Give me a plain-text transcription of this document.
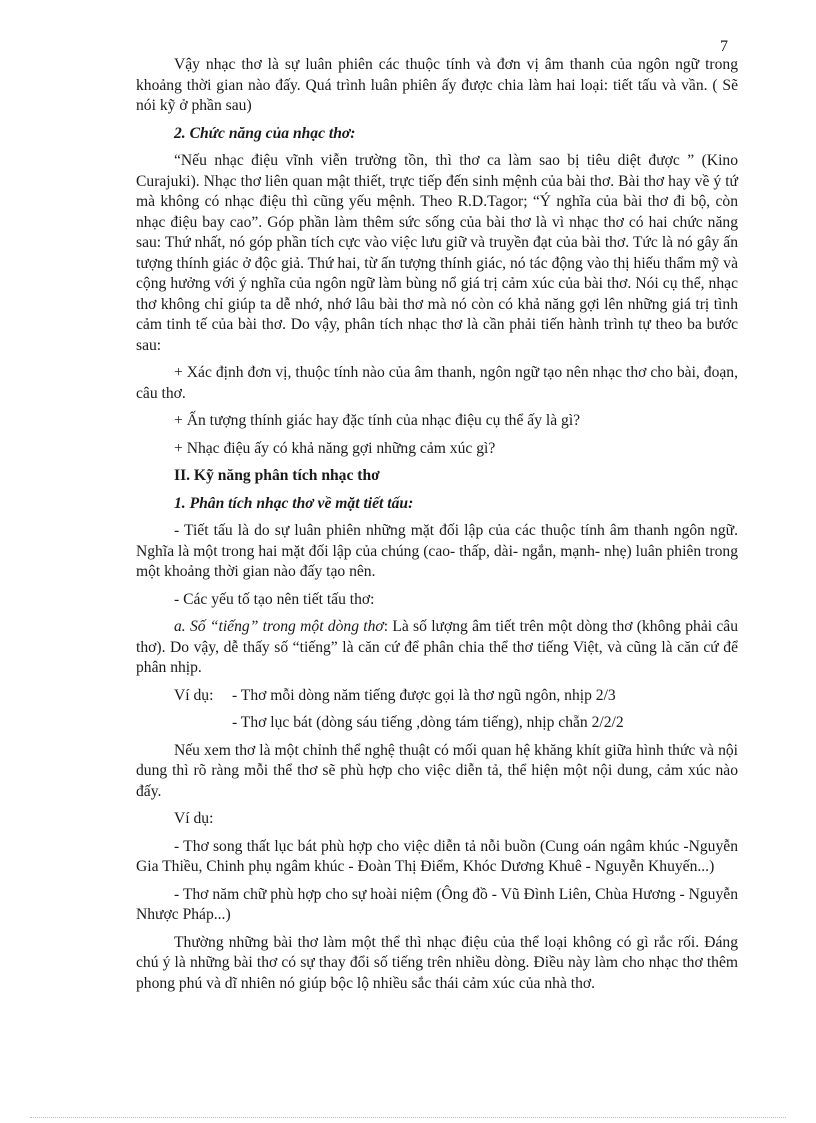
7

Vậy nhạc thơ là sự luân phiên các thuộc tính và đơn vị âm thanh của ngôn ngữ trong khoảng thời gian nào đấy. Quá trình luân phiên ấy được chia làm hai loại: tiết tấu và vần. ( Sẽ nói kỹ ở phần sau)

2. Chức năng của nhạc thơ:

“Nếu nhạc điệu vĩnh viễn trường tồn, thì thơ ca làm sao bị tiêu diệt được ” (Kino Curajuki). Nhạc thơ liên quan mật thiết, trực tiếp đến sinh mệnh của bài thơ. Bài thơ hay về ý tứ mà không có nhạc điệu thì cũng yếu mệnh. Theo R.D.Tagor; “Ý nghĩa của bài thơ đi bộ, còn nhạc điệu bay cao”. Góp phần làm thêm sức sống của bài thơ là vì nhạc thơ có hai chức năng sau: Thứ nhất, nó góp phần tích cực vào việc lưu giữ và truyền đạt của bài thơ. Tức là nó gây ấn tượng thính giác ở độc giả. Thứ hai, từ ấn tượng thính giác, nó tác động vào thị hiếu thẩm mỹ và cộng hưởng với ý nghĩa của ngôn ngữ làm bùng nổ giá trị cảm xúc của bài thơ. Nói cụ thể, nhạc thơ không chỉ giúp ta dễ nhớ, nhớ lâu bài thơ mà nó còn có khả năng gợi lên những giá trị tình cảm tinh tế của bài thơ. Do vậy, phân tích nhạc thơ là cần phải tiến hành trình tự theo ba bước sau:

+ Xác định đơn vị, thuộc tính nào của âm thanh, ngôn ngữ tạo nên nhạc thơ cho bài, đoạn, câu thơ.

+ Ấn tượng thính giác hay đặc tính của nhạc điệu cụ thể ấy là gì?

+ Nhạc điệu ấy có khả năng gợi những cảm xúc gì?

II. Kỹ năng phân tích nhạc thơ

1. Phân tích nhạc thơ về mặt tiết tấu:

- Tiết tấu là do sự luân phiên những mặt đối lập của các thuộc tính âm thanh ngôn ngữ. Nghĩa là một trong hai mặt đối lập của chúng (cao- thấp, dài- ngắn, mạnh- nhẹ) luân phiên trong một khoảng thời gian nào đấy tạo nên.

- Các yếu tố tạo nên tiết tấu thơ:

a. Số “tiếng” trong một dòng thơ: Là số lượng âm tiết trên một dòng thơ (không phải câu thơ). Do vậy, dễ thấy số “tiếng” là căn cứ để phân chia thể thơ tiếng Việt, và cũng là căn cứ để phân nhịp.

Ví dụ:	- Thơ mỗi dòng năm tiếng được gọi là thơ ngũ ngôn, nhịp 2/3
- Thơ lục bát (dòng sáu tiếng ,dòng tám tiếng), nhịp chẵn 2/2/2

Nếu xem thơ là một chỉnh thể nghệ thuật có mối quan hệ khăng khít giữa hình thức và nội dung thì rõ ràng mỗi thể thơ sẽ phù hợp cho việc diễn tả, thể hiện một nội dung, cảm xúc nào đấy.

Ví dụ:

- Thơ song thất lục bát phù hợp cho việc diễn tả nỗi buồn (Cung oán ngâm khúc -Nguyễn Gia Thiều, Chinh phụ ngâm khúc - Đoàn Thị Điểm, Khóc Dương Khuê - Nguyễn Khuyến...)

- Thơ năm chữ phù hợp cho sự hoài niệm (Ông đồ - Vũ Đình Liên, Chùa Hương - Nguyễn Nhược Pháp...)

Thường những bài thơ làm một thể thì nhạc điệu của thể loại không có gì rắc rối. Đáng chú ý là những bài thơ có sự thay đổi số tiếng trên nhiều dòng. Điều này làm cho nhạc thơ thêm phong phú và dĩ nhiên nó giúp bộc lộ nhiều sắc thái cảm xúc của nhà thơ.
